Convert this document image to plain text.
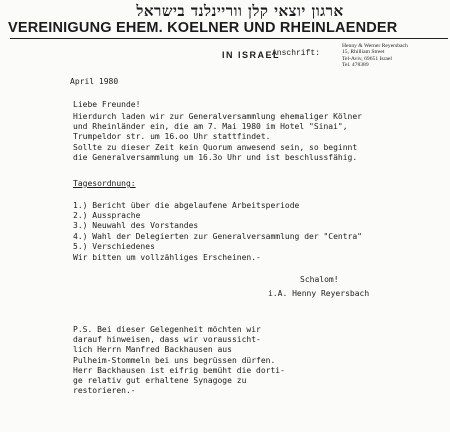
ארגון יוצאי קלן ווריינלנד בישראל
VEREINIGUNG EHEM. KOELNER UND RHEINLAENDER
IN ISRAEL
Anschrift:
Henny & Werner Reyersbach
15, Rhilliam Street
Tel-Aviv, 69651 Israel
Tel. 478389
April 1980
Liebe Freunde!
Hierdurch laden wir zur Generalversammlung ehemaliger Kölner
und Rheinländer ein, die am 7. Mai 1980 im Hotel "Sinai",
Trumpeldor str. um 16.oo Uhr stattfindet.
Sollte zu dieser Zeit kein Quorum anwesend sein, so beginnt
die Generalversammlung um 16.3o Uhr und ist beschlussfähig.
Tagesordnung:
1.) Bericht über die abgelaufene Arbeitsperiode
2.) Aussprache
3.) Neuwahl des Vorstandes
4.) Wahl der Delegierten zur Generalversammlung der "Centra"
5.) Verschiedenes
Wir bitten um vollzähliges Erscheinen.-
Schalom!
i.A. Henny Reyersbach
P.S. Bei dieser Gelegenheit möchten wir
darauf hinweisen, dass wir voraussicht-
lich Herrn Manfred Backhausen aus
Pulheim-Stommeln bei uns begrüssen dürfen.
Herr Backhausen ist eifrig bemüht die dorti-
ge relativ gut erhaltene Synagoge zu
restorieren.-
